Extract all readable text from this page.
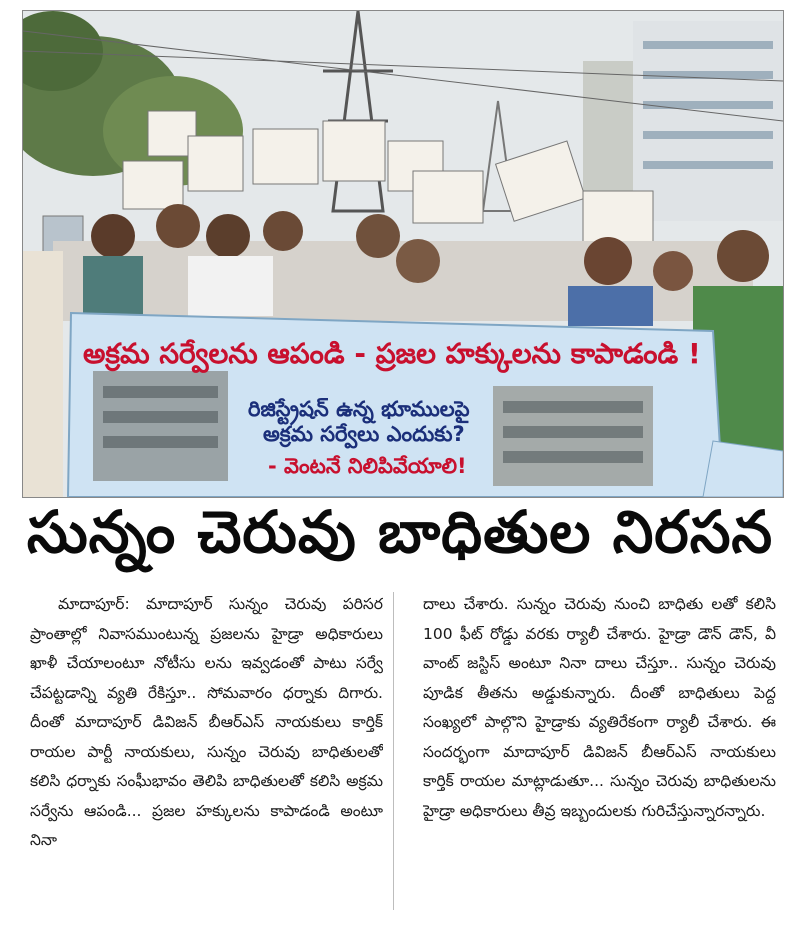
అక్రమ సర్వేలను ఆపండి - ప్రజల హక్కులను కాపాడండి !
రిజిస్ట్రేషన్ ఉన్న భూములపై
అక్రమ సర్వేలు ఎందుకు?
- వెంటనే నిలిపివేయాలి!
సున్నం చెరువు బాధితుల నిరసన

మాదాపూర్: మాదాపూర్ సున్నం చెరువు పరిసర ప్రాంతాల్లో నివాసముంటున్న ప్రజలను హైడ్రా అధికారులు ఖాళీ చేయాలంటూ నోటీసు లను ఇవ్వడంతో పాటు సర్వే చేపట్టడాన్ని వ్యతి రేకిస్తూ.. సోమవారం ధర్నాకు దిగారు. దీంతో మాదాపూర్ డివిజన్ బీఆర్ఎస్ నాయకులు కార్తిక్ రాయల పార్టీ నాయకులు, సున్నం చెరువు బాధితులతో కలిసి ధర్నాకు సంఘీభావం తెలిపి బాధితులతో కలిసి అక్రమ సర్వేను ఆపండి... ప్రజల హక్కులను కాపాడండి అంటూ నినా

దాలు చేశారు. సున్నం చెరువు నుంచి బాధితు లతో కలిసి 100 ఫీట్ రోడ్డు వరకు ర్యాలీ చేశారు. హైడ్రా డౌన్ డౌన్, వీ వాంట్ జస్టిస్ అంటూ నినా దాలు చేస్తూ.. సున్నం చెరువు పూడిక తీతను అడ్డుకున్నారు. దీంతో బాధితులు పెద్ద సంఖ్యలో పాల్గొని హైడ్రాకు వ్యతిరేకంగా ర్యాలీ చేశారు. ఈ సందర్భంగా మాదాపూర్ డివిజన్ బీఆర్ఎస్ నాయకులు కార్తిక్ రాయల మాట్లాడుతూ... సున్నం చెరువు బాధితులను హైడ్రా అధికారులు తీవ్ర ఇబ్బందులకు గురిచేస్తున్నారన్నారు.
